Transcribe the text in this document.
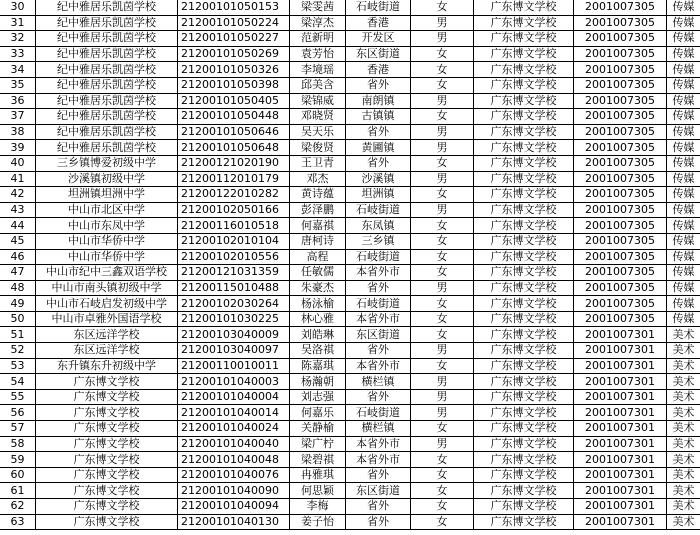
30	纪中雅居乐凯茵学校	21200101050153	梁雯茜	石岐街道	女	广东博文学校	2001007305	传媒
31	纪中雅居乐凯茵学校	21200101050224	梁淳杰	香港	男	广东博文学校	2001007305	传媒
32	纪中雅居乐凯茵学校	21200101050227	范新明	开发区	男	广东博文学校	2001007305	传媒
33	纪中雅居乐凯茵学校	21200101050269	袁芳怡	东区街道	女	广东博文学校	2001007305	传媒
34	纪中雅居乐凯茵学校	21200101050326	李境瑶	香港	女	广东博文学校	2001007305	传媒
35	纪中雅居乐凯茵学校	21200101050398	邱美含	省外	女	广东博文学校	2001007305	传媒
36	纪中雅居乐凯茵学校	21200101050405	梁锦威	南朗镇	男	广东博文学校	2001007305	传媒
37	纪中雅居乐凯茵学校	21200101050448	邓晓贤	古镇镇	女	广东博文学校	2001007305	传媒
38	纪中雅居乐凯茵学校	21200101050646	吴天乐	省外	男	广东博文学校	2001007305	传媒
39	纪中雅居乐凯茵学校	21200101050648	梁俊贤	黄圃镇	男	广东博文学校	2001007305	传媒
40	三乡镇博爱初级中学	21200121020190	王卫青	省外	女	广东博文学校	2001007305	传媒
41	沙溪镇初级中学	21200112010179	邓杰	沙溪镇	男	广东博文学校	2001007305	传媒
42	坦洲镇坦洲中学	21200122010282	黄诗蕴	坦洲镇	女	广东博文学校	2001007305	传媒
43	中山市北区中学	21200102050166	彭泽鹏	石岐街道	男	广东博文学校	2001007305	传媒
44	中山市东凤中学	21200116010518	何嘉祺	东凤镇	女	广东博文学校	2001007305	传媒
45	中山市华侨中学	21200102010104	唐柯诗	三乡镇	女	广东博文学校	2001007305	传媒
46	中山市华侨中学	21200102010556	高程	石岐街道	女	广东博文学校	2001007305	传媒
47	中山市纪中三鑫双语学校	21200121031359	任敏儒	本省外市	女	广东博文学校	2001007305	传媒
48	中山市南头镇初级中学	21200115010488	朱豪杰	省外	男	广东博文学校	2001007305	传媒
49	中山市石岐启发初级中学	21200102030264	杨泳榆	石岐街道	女	广东博文学校	2001007305	传媒
50	中山市卓雅外国语学校	21200101030225	林心雅	本省外市	女	广东博文学校	2001007305	传媒
51	东区远洋学校	21200103040009	刘皓琳	东区街道	女	广东博文学校	2001007301	美术
52	东区远洋学校	21200103040097	吴洛祺	省外	男	广东博文学校	2001007301	美术
53	东升镇东升初级中学	21200110010011	陈嘉琪	本省外市	女	广东博文学校	2001007301	美术
54	广东博文学校	21200101040003	杨瀚朝	横栏镇	男	广东博文学校	2001007301	美术
55	广东博文学校	21200101040004	刘志强	省外	男	广东博文学校	2001007301	美术
56	广东博文学校	21200101040014	何嘉乐	石岐街道	男	广东博文学校	2001007301	美术
57	广东博文学校	21200101040024	关静榆	横栏镇	女	广东博文学校	2001007301	美术
58	广东博文学校	21200101040040	梁广柠	本省外市	男	广东博文学校	2001007301	美术
59	广东博文学校	21200101040048	梁碧祺	本省外市	女	广东博文学校	2001007301	美术
60	广东博文学校	21200101040076	冉雅琪	省外	女	广东博文学校	2001007301	美术
61	广东博文学校	21200101040090	何思颖	东区街道	女	广东博文学校	2001007301	美术
62	广东博文学校	21200101040094	李梅	省外	女	广东博文学校	2001007301	美术
63	广东博文学校	21200101040130	姜子怡	省外	女	广东博文学校	2001007301	美术
